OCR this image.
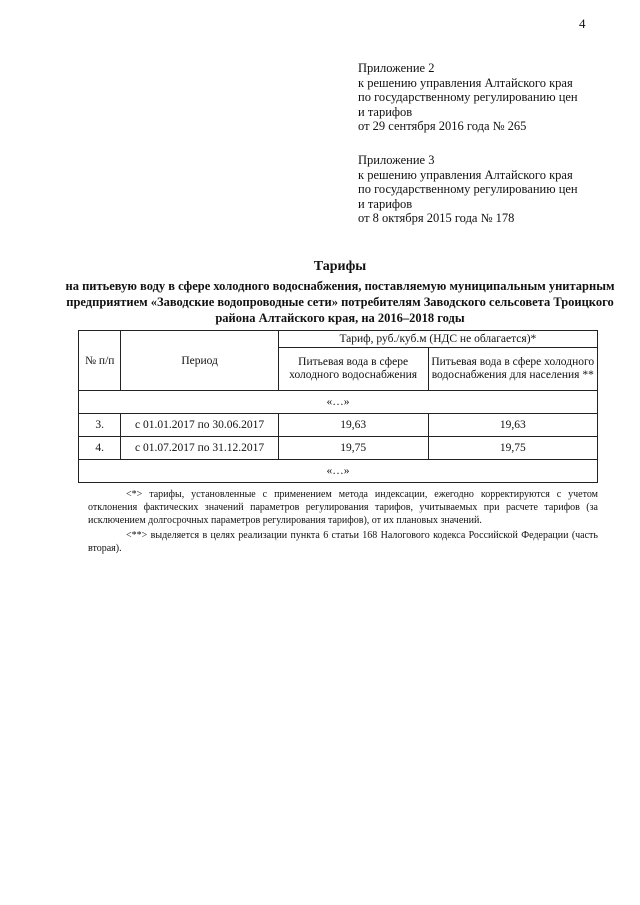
4
Приложение 2
к решению управления Алтайского края
по государственному регулированию цен
и тарифов
от 29 сентября 2016 года № 265
Приложение 3
к решению управления Алтайского края
по государственному регулированию цен
и тарифов
от 8 октября 2015 года № 178
Тарифы
на питьевую воду в сфере холодного водоснабжения, поставляемую муниципальным унитарным предприятием «Заводские водопроводные сети» потребителям Заводского сельсовета Троицкого района Алтайского края, на 2016–2018 годы
№ п/п	Период	Тариф, руб./куб.м (НДС не облагается)*	
		Питьевая вода в сфере холодного водоснабжения	Питьевая вода в сфере холодного водоснабжения для населения **
«…»			
3.	с 01.01.2017 по 30.06.2017	19,63	19,63
4.	с 01.07.2017 по 31.12.2017	19,75	19,75
«…»			

<*> тарифы, установленные с применением метода индексации, ежегодно корректируются с учетом отклонения фактических значений параметров регулирования тарифов, учитываемых при расчете тарифов (за исключением долгосрочных параметров регулирования тарифов), от их плановых значений.

<**> выделяется в целях реализации пункта 6 статьи 168 Налогового кодекса Российской Федерации (часть вторая).
